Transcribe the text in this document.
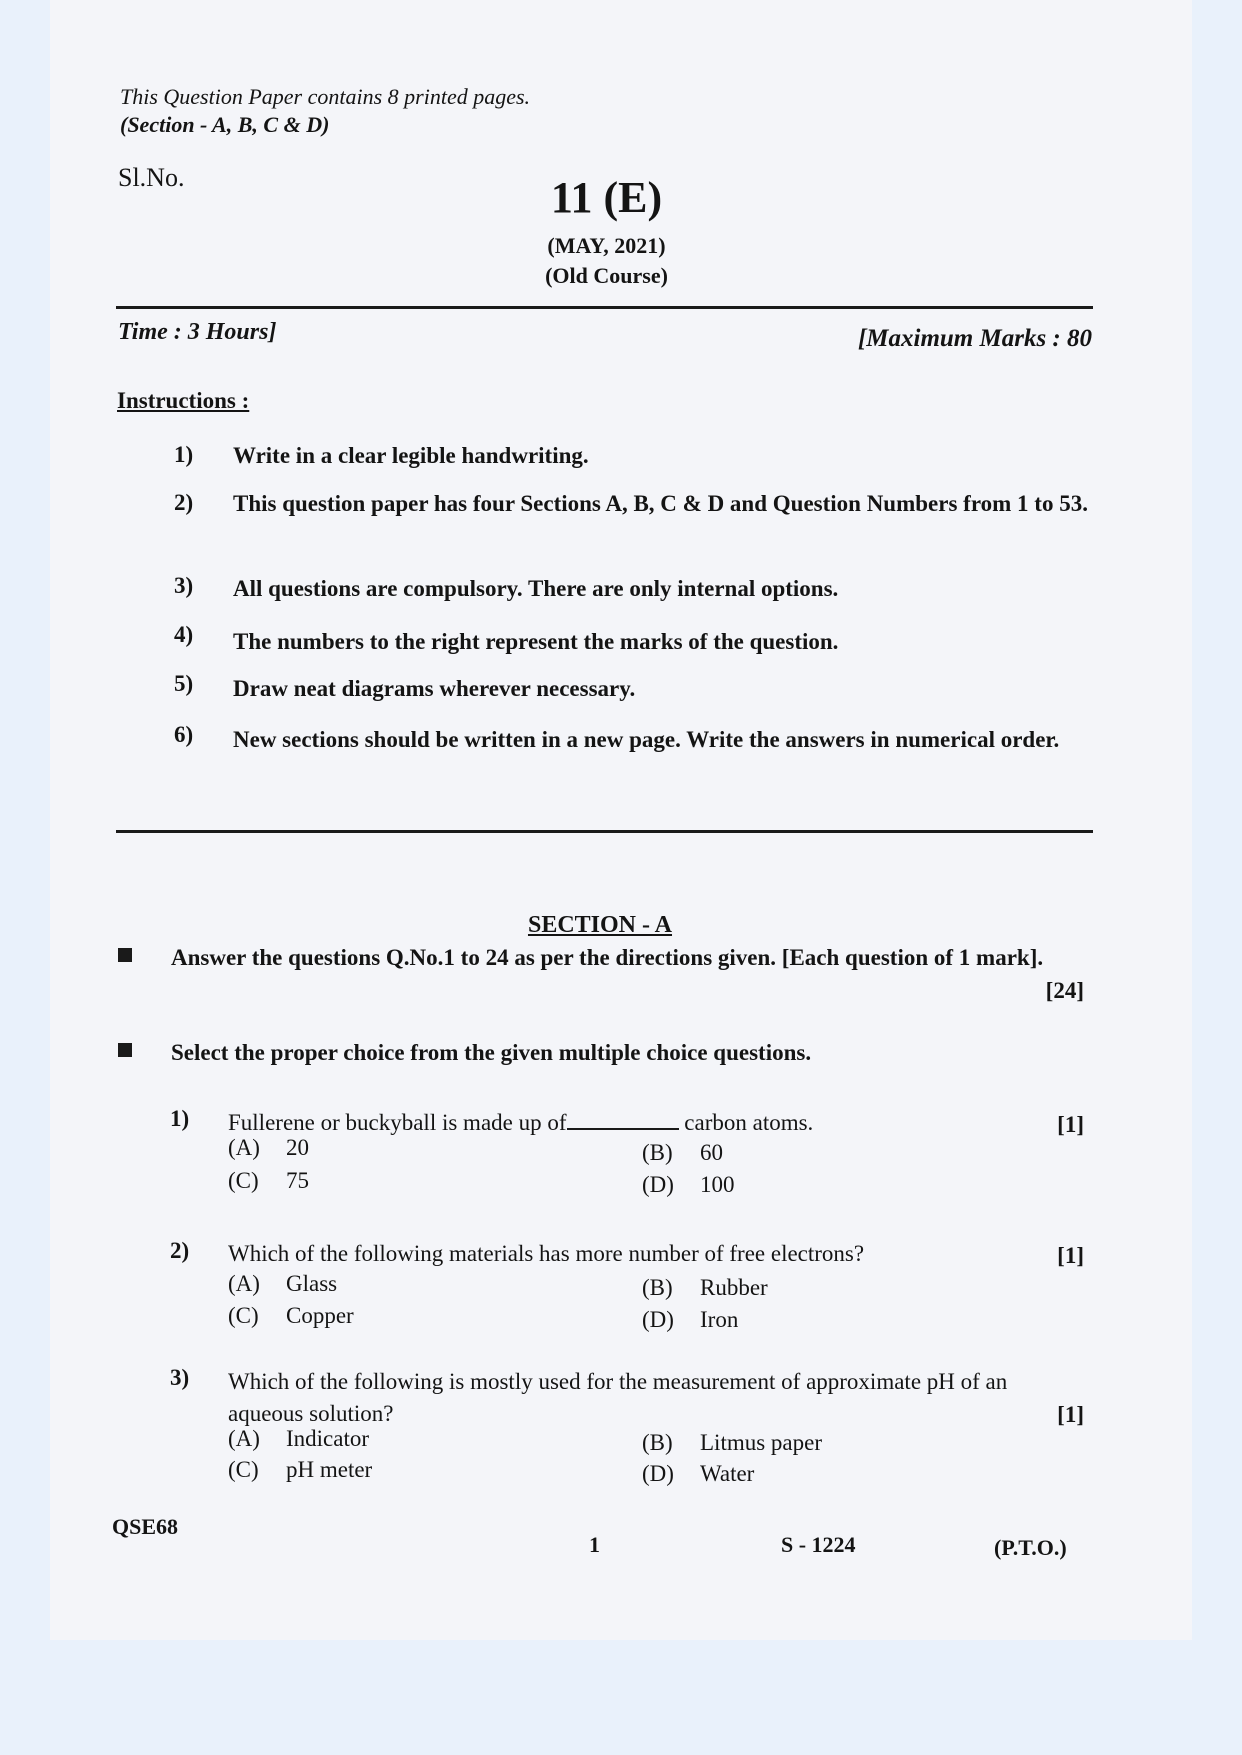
This Question Paper contains 8 printed pages.
(Section - A, B, C & D)
Sl.No.	11 (E)
(MAY, 2021)
(Old Course)
Time : 3 Hours]	[Maximum Marks : 80
Instructions :
1) Write in a clear legible handwriting.
2) This question paper has four Sections A, B, C & D and Question Numbers from 1 to 53.
3) All questions are compulsory. There are only internal options.
4) The numbers to the right represent the marks of the question.
5) Draw neat diagrams wherever necessary.
6) New sections should be written in a new page. Write the answers in numerical order.
SECTION - A
Answer the questions Q.No.1 to 24 as per the directions given. [Each question of 1 mark].
[24]
Select the proper choice from the given multiple choice questions.
1) Fullerene or buckyball is made up of	carbon atoms.	[1]
(A) 20	(B) 60
(C) 75	(D) 100
2) Which of the following materials has more number of free electrons?	[1]
(A) Glass	(B) Rubber
(C) Copper	(D) Iron
3) Which of the following is mostly used for the measurement of approximate pH of an aqueous solution?	[1]
(A) Indicator	(B) Litmus paper
(C) pH meter	(D) Water
QSE68
1	S - 1224	(P.T.O.)
